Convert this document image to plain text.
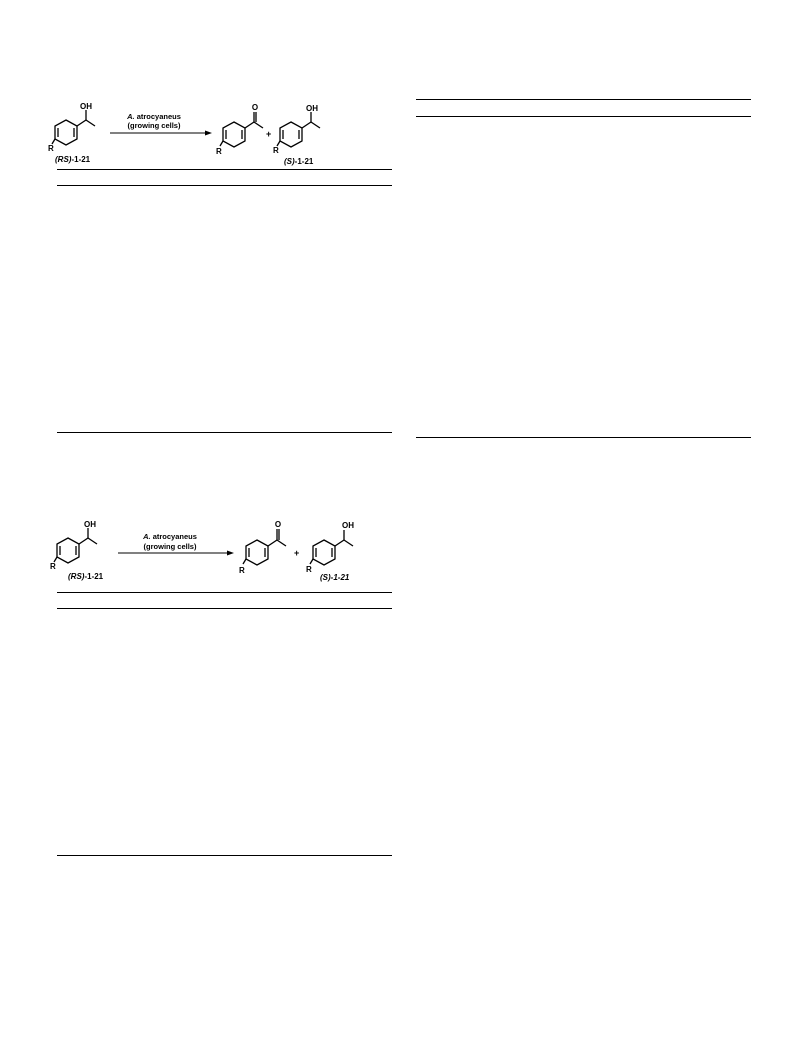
OH
R
(RS)-1-21
A. atrocyaneus
(growing cells)
O
R
+
OH
R
(S)-1-21
OH
R
(RS)-1-21
A. atrocyaneus
(growing cells)
O
R
+
OH
R
(S)-1-21
